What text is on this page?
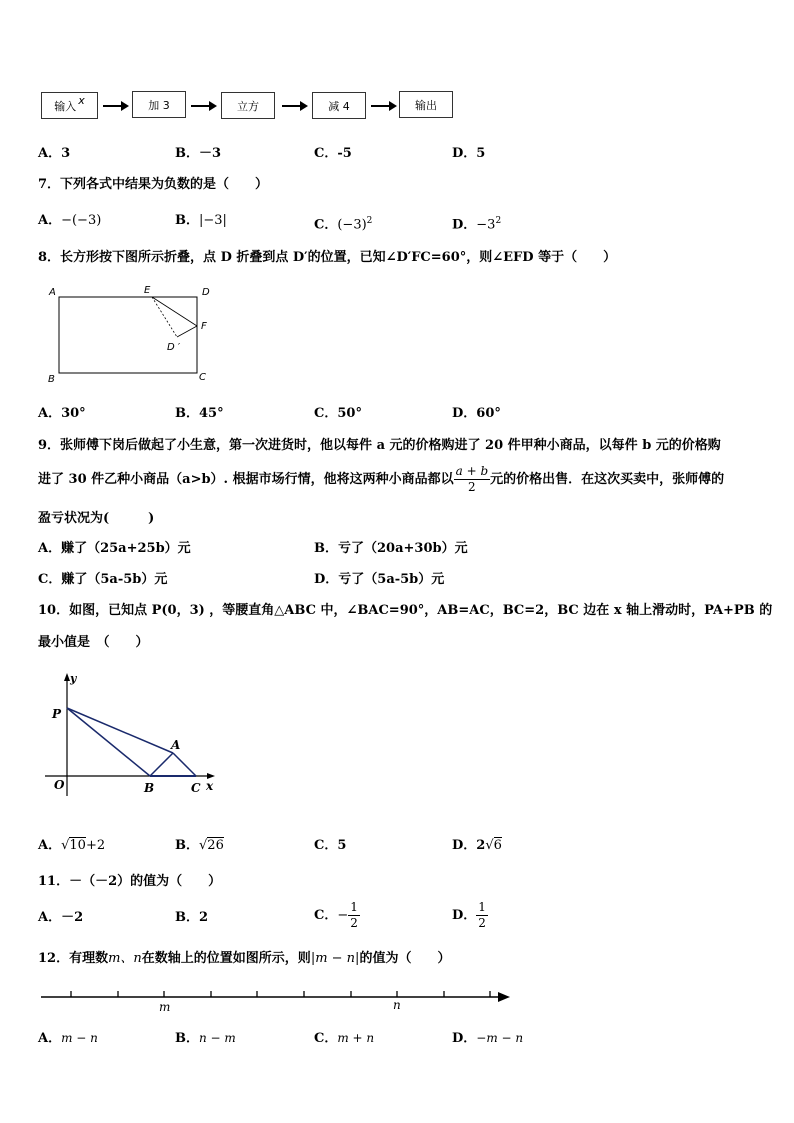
输入 x	加 3	立方	减 4	输出
A．3	B．－3	C．-5	D．5
7．下列各式中结果为负数的是（　　）
A．−(−3)	B．|−3|	C．$(-3)^2$	D．$-3^2$
8．长方形按下图所示折叠，点 D 折叠到点 D′的位置，已知∠D′FC=60°，则∠EFD 等于（　　）
A	E	D
F
D ′
B	C
A．30°	B．45°	C．50°	D．60°
9．张师傅下岗后做起了小生意，第一次进货时，他以每件 a 元的价格购进了 20 件甲种小商品，以每件 b 元的价格购
进了 30 件乙种小商品（a>b）. 根据市场行情，他将这两种小商品都以 $\frac{a + b}{2}$ 元的价格出售．在这次买卖中，张师傅的
盈亏状况为(　　　)
A．赚了（25a+25b）元	B．亏了（20a+30b）元
C．赚了（5a-5b）元	D．亏了（5a-5b）元
10．如图，已知点 P(0，3) ，等腰直角△ABC 中，∠BAC=90°，AB=AC，BC=2，BC 边在 x 轴上滑动时，PA+PB 的
最小值是　（　　）
y
P
A
O	B	C x
A．√10+2	B．√26	C．5	D．2√6
11．－（－2）的值为（　　）
A．－2	B．2	C．− $\frac{1}{2}$	D． $\frac{1}{2}$
12．有理数m、n在数轴上的位置如图所示，则|m − n|的值为（　　）
m	n
A．m − n	B．n − m	C．m + n	D．−m − n
